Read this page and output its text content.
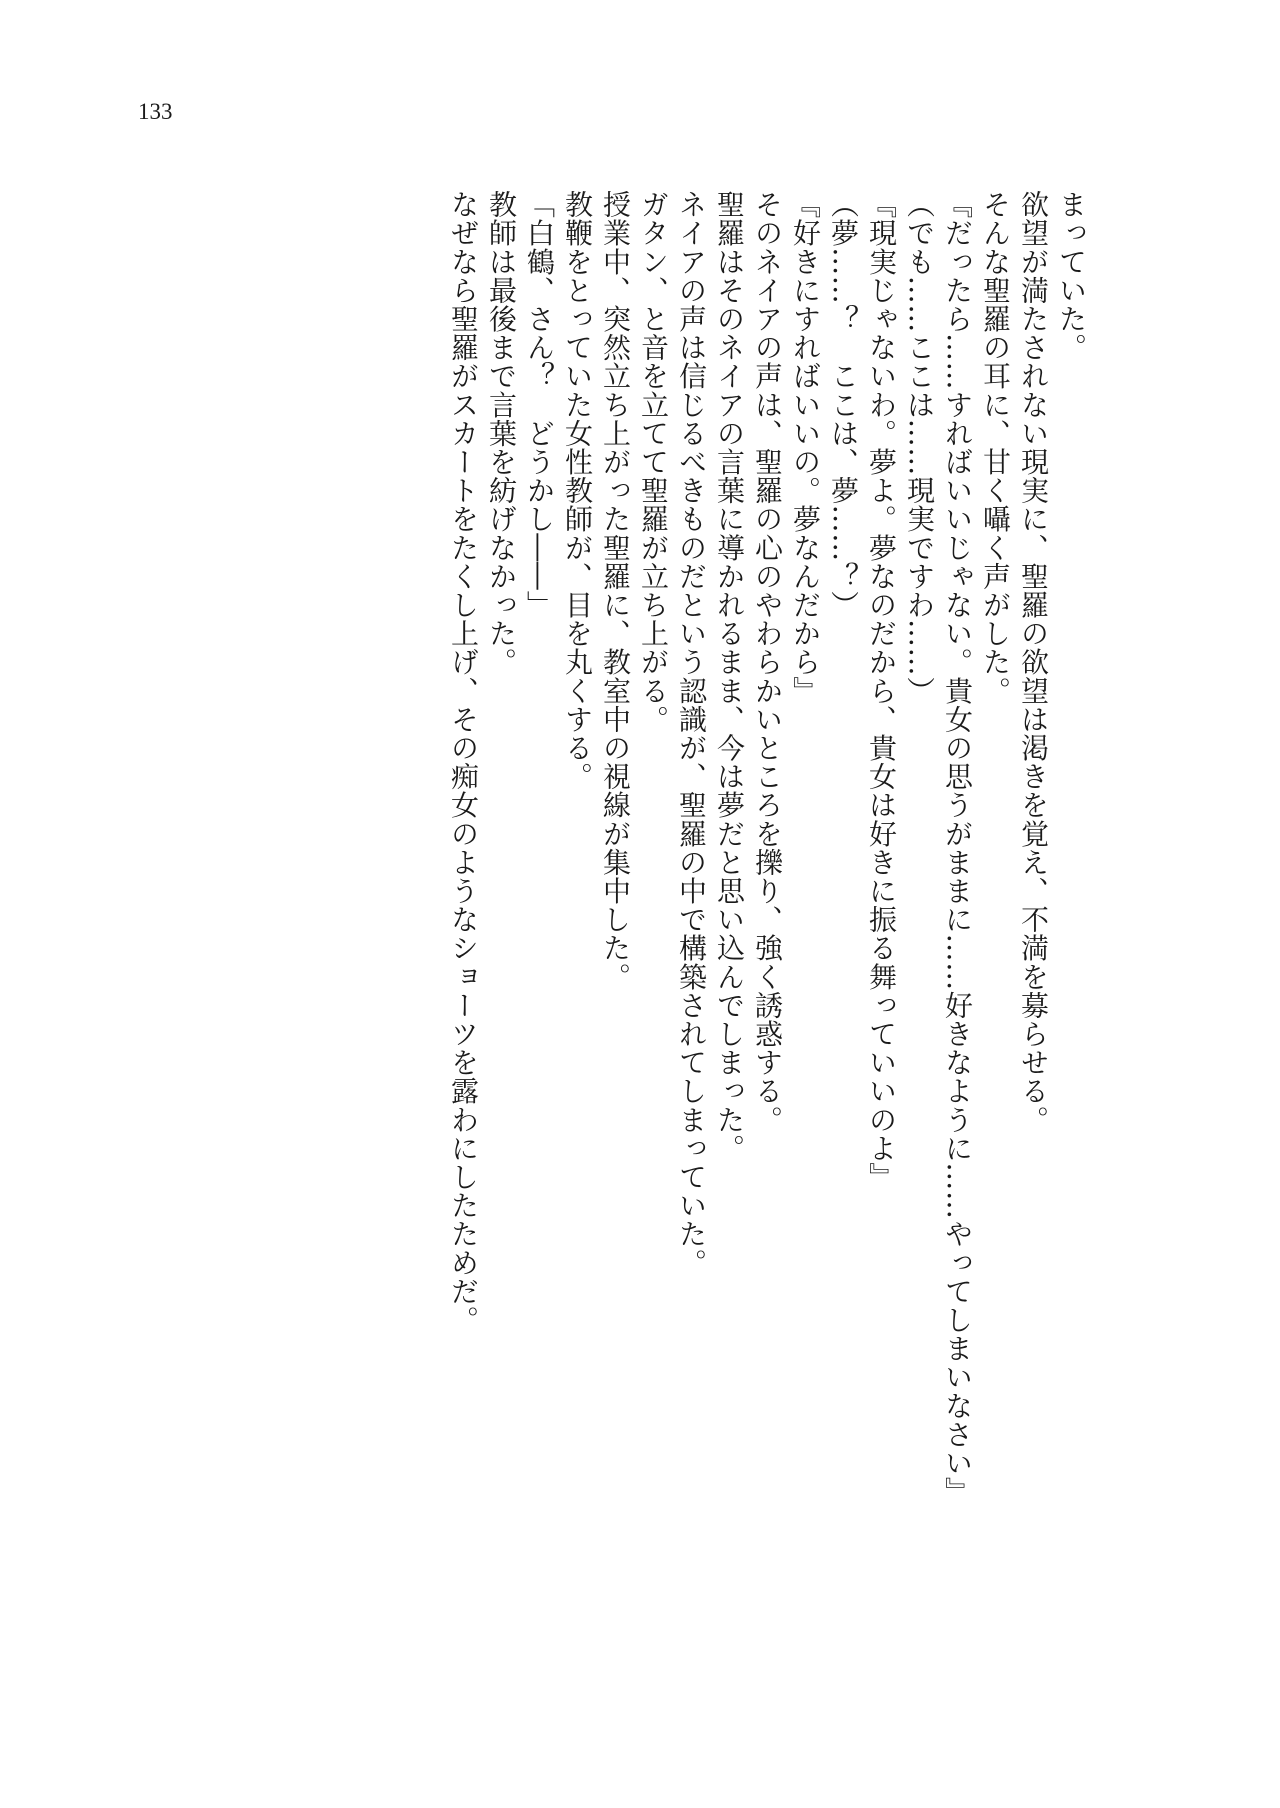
133

まっていた。

欲望が満たされない現実に、聖羅の欲望は渇きを覚え、不満を募らせる。

そんな聖羅の耳に、甘く囁く声がした。

『だったら……すればいいじゃない。貴女の思うがままに……好きなように……やってしまいなさい』

（でも……ここは……現実ですわ……）

『現実じゃないわ。夢よ。夢なのだから、貴女は好きに振る舞っていいのよ』

（夢……？　ここは、夢……？）

『好きにすればいいの。夢なんだから』

そのネイアの声は、聖羅の心のやわらかいところを擽り、強く誘惑する。

聖羅はそのネイアの言葉に導かれるまま、今は夢だと思い込んでしまった。

ネイアの声は信じるべきものだという認識が、聖羅の中で構築されてしまっていた。

ガタン、と音を立てて聖羅が立ち上がる。

授業中、突然立ち上がった聖羅に、教室中の視線が集中した。

教鞭をとっていた女性教師が、目を丸くする。

「白鶴、さん？　どうかし――」

教師は最後まで言葉を紡げなかった。

なぜなら聖羅がスカートをたくし上げ、その痴女のようなショーツを露わにしたためだ。
